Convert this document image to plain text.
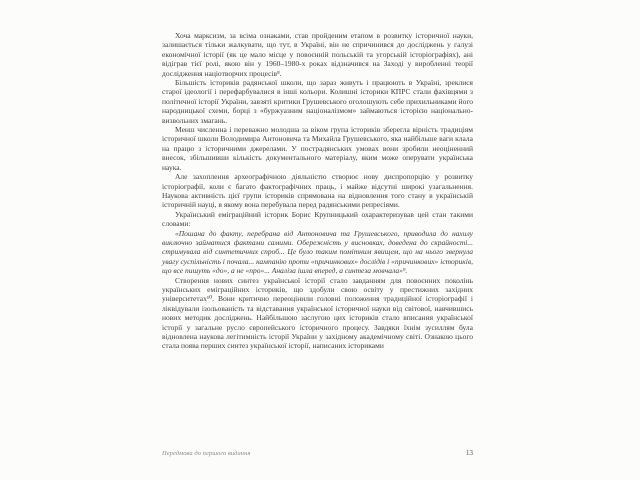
Хоча марксизм, за всіма ознаками, став пройденим етапом в розвитку історичної науки, залишається тільки жалкувати, що тут, в Україні, він не спричинився до досліджень у галузі економічної історії (як це мало місце у повоєнній польській та угорській історіографіях), ані відіграв тієї ролі, якою він у 1960–1980-х роках відзначився на Заході у виробленні теорії дослідження націотворчих процесів⁸.

Більшість істориків радянської школи, що зараз живуть і працюють в Україні, зреклися старої ідеології і перефарбувалися в інші кольори. Колишні історики КПРС стали фахівцями з політичної історії України, завзяті критики Грушевського оголошують себе прихильниками його народницької схеми, борці з «буржуазним націоналізмом» займаються історією національно-визвольних змагань.

Менш численна і переважно молодша за віком група істориків зберегла вірність традиціям історичної школи Володимира Антоновича та Михайла Грушевського, яка найбільше ваги клала на працю з історичними джерелами. У пострадянських умовах вони зробили неоціненний внесок, збільшивши кількість документального матеріалу, яким може оперувати українська наука.

Але захоплення археографічною діяльністю створює нову диспропорцію у розвитку історіографії, коли є багато фактографічних праць, і майже відсутні широкі узагальнення. Наукова активність цієї групи істориків спрямована на відновлення того стану в українській історичній науці, в якому вона перебувала перед радянськими репресіями.

Український еміграційний історик Борис Крупницький охарактеризував цей стан такими словами:

«Пошана до факту, перебрана від Антоновича та Грушевського, приводила до нахилу виключно займатися фактами самими. Обережність у висновках, доведена до скрайності... стримувала від синтетичних спроб... Це було таким помітним явищем, що на нього звернула увагу суспільність і почала... кампанію проти «причинкових» дослідів і «причинкових» істориків, що все пишуть «до», а не «про»... Аналіза ішла вперед, а синтеза мовчала»⁹.

Створення нових синтез української історії стало завданням для повоєнних поколінь українських еміграційних істориків, що здобули свою освіту у престижних західних університетах¹⁰. Вони критично переоцінили головні положення традиційної історіографії і ліквідували ізольованість та відставання української історичної науки від світової, навчившись нових методик досліджень. Найбільшою заслугою цих істориків стало вписання української історії у загальне русло європейського історичного процесу. Завдяки їхнім зусиллям була відновлена наукова легітимність історії України у західному академічному світі. Ознакою цього стала поява перших синтез української історії, написаних істориками

Передмова до першого видання	13
